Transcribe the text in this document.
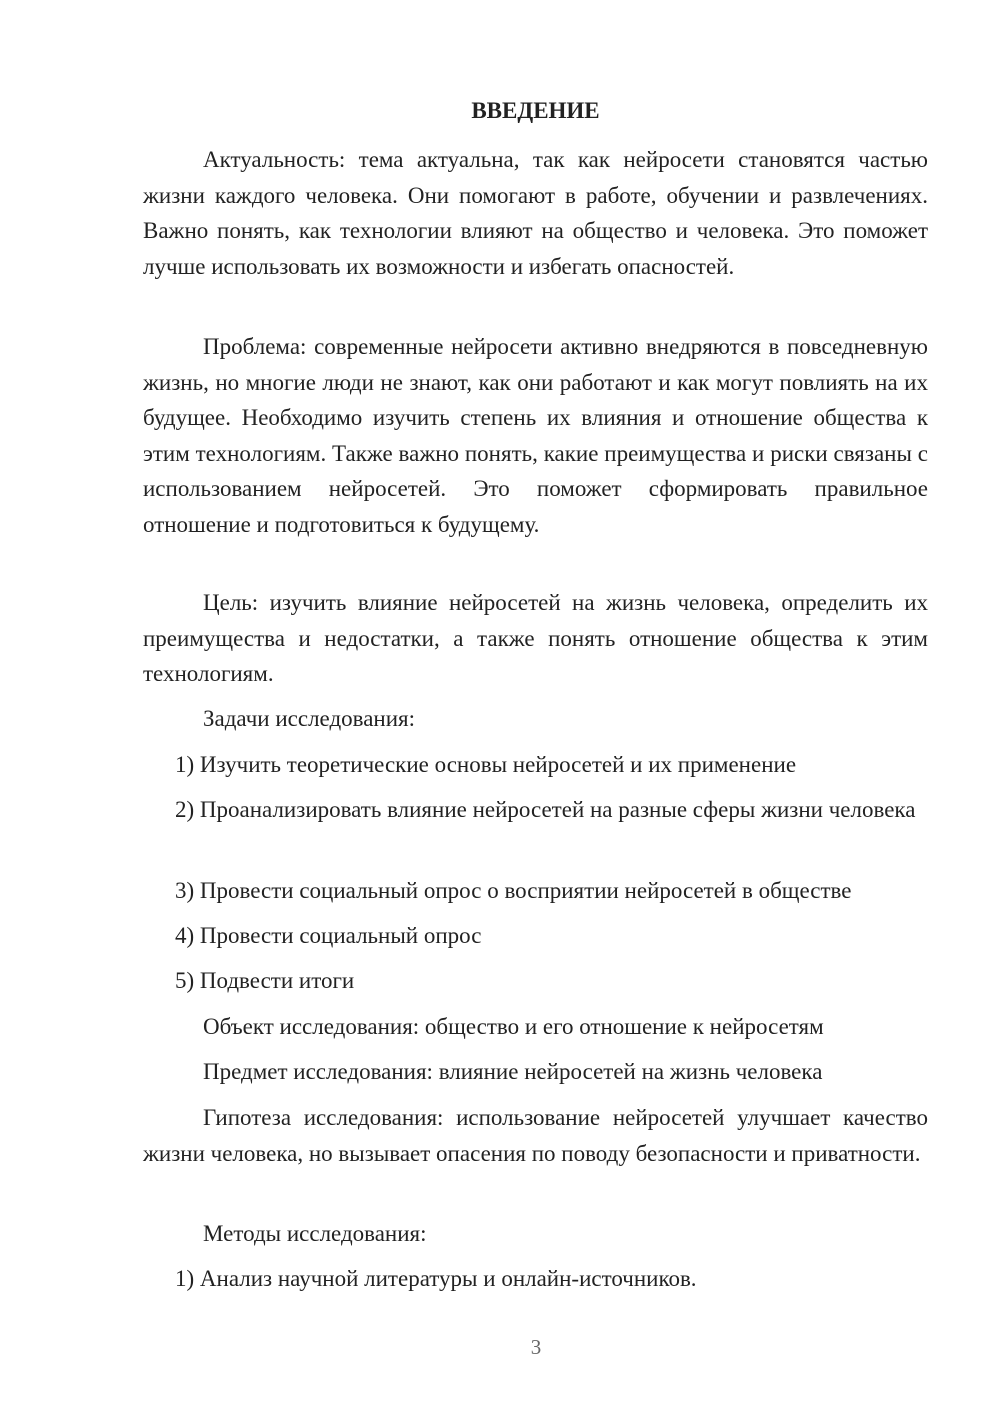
ВВЕДЕНИЕ

Актуальность: тема актуальна, так как нейросети становятся частью жизни каждого человека. Они помогают в работе, обучении и развлечениях. Важно понять, как технологии влияют на общество и человека. Это поможет лучше использовать их возможности и избегать опасностей.

Проблема: современные нейросети активно внедряются в повседневную жизнь, но многие люди не знают, как они работают и как могут повлиять на их будущее. Необходимо изучить степень их влияния и отношение общества к этим технологиям. Также важно понять, какие преимущества и риски связаны с использованием нейросетей. Это поможет сформировать правильное отношение и подготовиться к будущему.

Цель: изучить влияние нейросетей на жизнь человека, определить их преимущества и недостатки, а также понять отношение общества к этим технологиям.

Задачи исследования:

1) Изучить теоретические основы нейросетей и их применение

2) Проанализировать влияние нейросетей на разные сферы жизни человека

3) Провести социальный опрос о восприятии нейросетей в обществе

4) Провести социальный опрос

5) Подвести итоги

Объект исследования: общество и его отношение к нейросетям

Предмет исследования: влияние нейросетей на жизнь человека

Гипотеза исследования: использование нейросетей улучшает качество жизни человека, но вызывает опасения по поводу безопасности и приватности.

Методы исследования:

1) Анализ научной литературы и онлайн-источников.

3
